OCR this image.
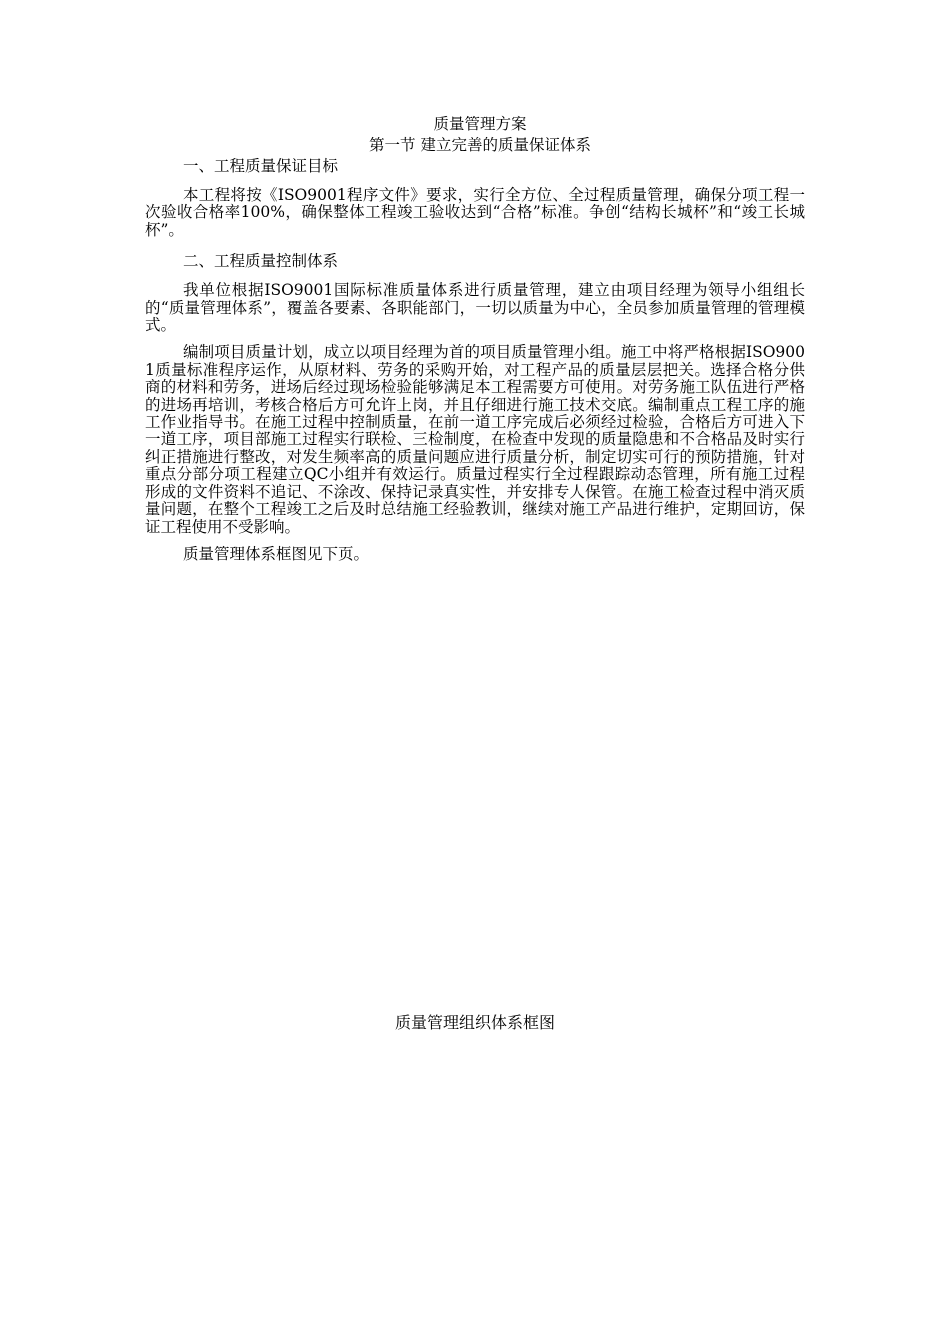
质量管理方案
第一节 建立完善的质量保证体系

一、工程质量保证目标

本工程将按《ISO9001程序文件》要求，实行全方位、全过程质量管理，确保分项工程一次验收合格率100%，确保整体工程竣工验收达到“合格”标准。争创“结构长城杯”和“竣工长城杯”。

二、工程质量控制体系

我单位根据ISO9001国际标准质量体系进行质量管理，建立由项目经理为领导小组组长的“质量管理体系”，覆盖各要素、各职能部门，一切以质量为中心，全员参加质量管理的管理模式。

编制项目质量计划，成立以项目经理为首的项目质量管理小组。施工中将严格根据ISO9001质量标准程序运作，从原材料、劳务的采购开始，对工程产品的质量层层把关。选择合格分供商的材料和劳务，进场后经过现场检验能够满足本工程需要方可使用。对劳务施工队伍进行严格的进场再培训，考核合格后方可允许上岗，并且仔细进行施工技术交底。编制重点工程工序的施工作业指导书。在施工过程中控制质量，在前一道工序完成后必须经过检验，合格后方可进入下一道工序，项目部施工过程实行联检、三检制度，在检查中发现的质量隐患和不合格品及时实行纠正措施进行整改，对发生频率高的质量问题应进行质量分析，制定切实可行的预防措施，针对重点分部分项工程建立QC小组并有效运行。质量过程实行全过程跟踪动态管理，所有施工过程形成的文件资料不追记、不涂改、保持记录真实性，并安排专人保管。在施工检查过程中消灭质量问题，在整个工程竣工之后及时总结施工经验教训，继续对施工产品进行维护，定期回访，保证工程使用不受影响。

质量管理体系框图见下页。

质量管理组织体系框图
